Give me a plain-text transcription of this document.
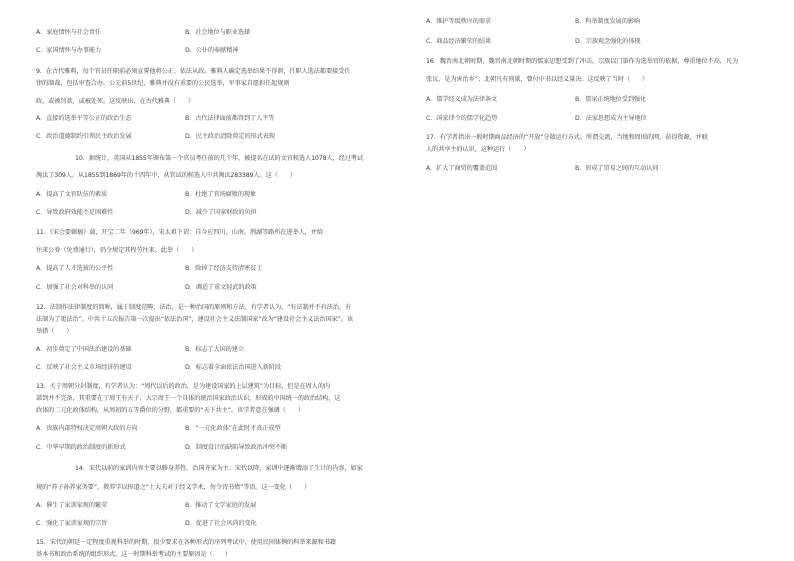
A．家庭情怀与社会责任	B．社会地位与职业选择
C．家国情怀与办事能力	D．公仆的奉献精神
9．在古代雅典，每个官员任职前必须宣誓他将公正、依法从政。雅典人确定选举结果不得泄，任职人选法都要接受任
律的制裁，包括审查合办。公元前5世纪，雅典并没有重要的公民选举，军事家自愿担任起规则
政，或被罚款，或被处死。这反映出，在古代雅典（　　）
A．直接的选举平等公正的政治生态	B．古代法律面前都得到了人平等
C．政治道德制约引领民主政治发展	D．民主政治清除奠定的形式表现
10．据统计，英国从1855年颁布第一个官员考任前的几个年，被提名在试的文官候选人1078人，经过考试
淘汰了309人。从1855到1869年的十四年中，从官试的候选人中共淘汰283389人。这（　　）
A．提高了文官队伍的素质	B．杜绝了官场腐败的现象
C．导致政府效能不足困难性	D．减少了国家财政的负担
11．《宋会要辑稿》载，开宝二年（969年），宋太祖下诏：自今应四川、山南、荆湖等路所在进举人，并给
往来公券（免费通行），仍令规定其程劳往来。此举（　　）
A．提高了人才选拔的公平性	B．除掉了经济支持清寒贫士
C．加强了社会对科举的认同	D．调适了重文轻武的政策
12．法制作法律制度的简称，属于制度范畴；法治，是一种治国的原则和方法。有学者认为，“有法制并不有法治，有
法制为了更法治”。中共十五次报告第一次提出“依法治国”，建设社会主义法制国家”改为“建设社会主义法治国家”。该
举措（　　）
A．初步奠定了中国法治建设的基础	B．标志了大国的建立
C．反映了社会主义市场经济的建设	D．标志着全面依法治国进入新阶段
13．关于周朝分封制度，有学者认为：“周代以后的政治，是为建设国家的上层建筑”为目标，但是在周人的内
部到并不完备，其重要在于周王有天子，大宗周王一个具体的统治国家政治认识，形成的中国统一的政治结构，这
政体的二元化政体结构，从周初的五等爵位的分野，都重要的“天下共主”。该学者意在强调（　　）
A．贵族内部特权决定周朝大政的方向	B．“一元化政体”在此时才真正成型
C．中华早期的政治制度的新形式	D．制度设计的缺陷导致政治冲突不断
14．宋代以前的家训内容主要以修身养性、治国齐家为主；宋代以降，家训中逐渐增添了生计的内容，如家
规的“养子孙养家务要”，教养学以传道之”士大夫对于经义学术，勿令诗书惰”等语。这一变化（　　）
A．催生了家训家规的繁荣	B．推动了文学家庭的发展
C．强化了家训家规的宗旨	D．促进了社会风尚的变化
15．宋代的朝廷一定程度重视科举的时期，很少要求在各种形式的序列考试中，使用民间体例的科举来源和书籍
基本书和政治系统的组织形式。这一时期科举考试的主要原因是（　　）
A．维护等级秩序的需求	B．科举制度发展的影响
C．商品经济繁荣的结果	D．宗族观念强化的体现
16．魏晋南北朝时期，魏晋南北朝时期的儒家思想受到了冲击，宗族以门第作为选举官的依据，尊重地位不高，凡为
张议，是为害治乡”；北朝凡有刑狱，曾付中书以经义量决。这反映了当时（　　）
A．儒学经义成为法律条文	B．儒家正统地位受到强化
C．国家律令的儒学化趋势	D．法家思想成为主导地位
17．有学者指出一般时期商品经济的“开放”分散运行方式。所谓交流，当地和周围的网，获得资源，并联
人的共享主的认识，这种运行（　　）
A．扩大了商贸的覆盖范围	B．形成了贸易之间的互动认同
